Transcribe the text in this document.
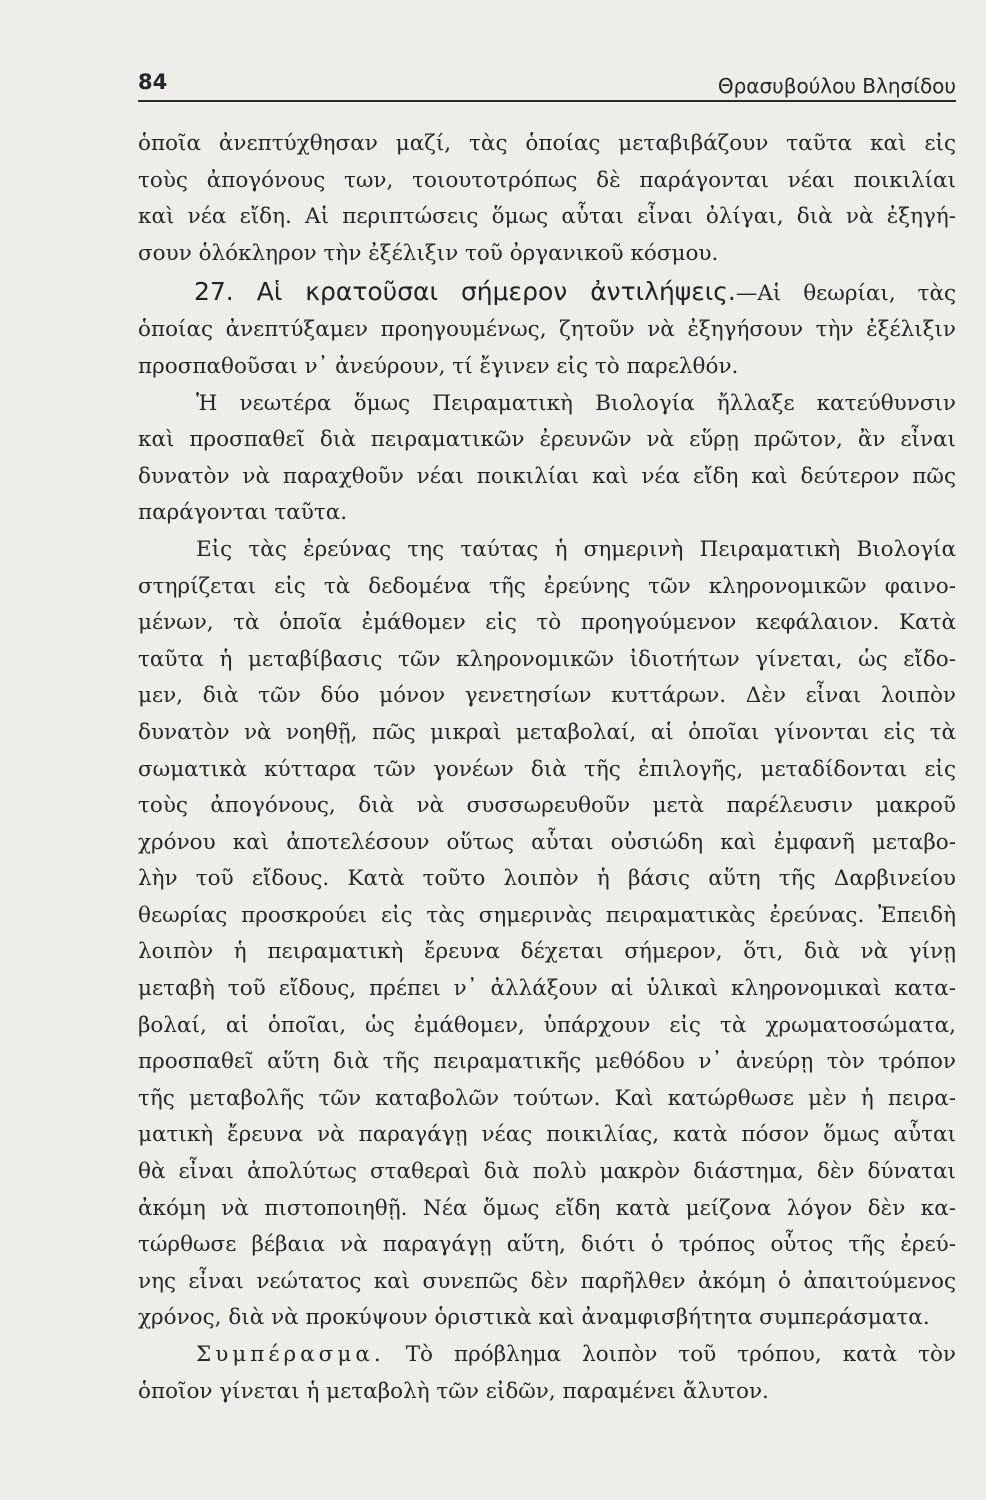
84	Θρασυβούλου Βλησίδου
ὁποῖα ἀνεπτύχθησαν μαζί, τὰς ὁποίας μεταβιβάζουν ταῦτα καὶ εἰς
τοὺς ἀπογόνους των, τοιουτοτρόπως δὲ παράγονται νέαι ποικιλίαι
καὶ νέα εἴδη. Αἱ περιπτώσεις ὅμως αὗται εἶναι ὀλίγαι, διὰ νὰ ἐξηγή-
σουν ὁλόκληρον τὴν ἐξέλιξιν τοῦ ὀργανικοῦ κόσμου.
27. Αἱ κρατοῦσαι σήμερον ἀντιλήψεις.—Αἱ θεωρίαι, τὰς
ὁποίας ἀνεπτύξαμεν προηγουμένως, ζητοῦν νὰ ἐξηγήσουν τὴν ἐξέλιξιν
προσπαθοῦσαι ν᾽ ἀνεύρουν, τί ἔγινεν εἰς τὸ παρελθόν.
Ἡ νεωτέρα ὅμως Πειραματικὴ Βιολογία ἤλλαξε κατεύθυνσιν
καὶ προσπαθεῖ διὰ πειραματικῶν ἐρευνῶν νὰ εὕρῃ πρῶτον, ἂν εἶναι
δυνατὸν νὰ παραχθοῦν νέαι ποικιλίαι καὶ νέα εἴδη καὶ δεύτερον πῶς
παράγονται ταῦτα.
Εἰς τὰς ἐρεύνας της ταύτας ἡ σημερινὴ Πειραματικὴ Βιολογία
στηρίζεται εἰς τὰ δεδομένα τῆς ἐρεύνης τῶν κληρονομικῶν φαινο-
μένων, τὰ ὁποῖα ἐμάθομεν εἰς τὸ προηγούμενον κεφάλαιον. Κατὰ
ταῦτα ἡ μεταβίβασις τῶν κληρονομικῶν ἰδιοτήτων γίνεται, ὡς εἴδο-
μεν, διὰ τῶν δύο μόνον γενετησίων κυττάρων. Δὲν εἶναι λοιπὸν
δυνατὸν νὰ νοηθῇ, πῶς μικραὶ μεταβολαί, αἱ ὁποῖαι γίνονται εἰς τὰ
σωματικὰ κύτταρα τῶν γονέων διὰ τῆς ἐπιλογῆς, μεταδίδονται εἰς
τοὺς ἀπογόνους, διὰ νὰ συσσωρευθοῦν μετὰ παρέλευσιν μακροῦ
χρόνου καὶ ἀποτελέσουν οὕτως αὗται οὐσιώδη καὶ ἐμφανῆ μεταβο-
λὴν τοῦ εἴδους. Κατὰ τοῦτο λοιπὸν ἡ βάσις αὕτη τῆς Δαρβινείου
θεωρίας προσκρούει εἰς τὰς σημερινὰς πειραματικὰς ἐρεύνας. Ἐπειδὴ
λοιπὸν ἡ πειραματικὴ ἔρευνα δέχεται σήμερον, ὅτι, διὰ νὰ γίνῃ
μεταβὴ τοῦ εἴδους, πρέπει ν᾽ ἀλλάξουν αἱ ὑλικαὶ κληρονομικαὶ κατα-
βολαί, αἱ ὁποῖαι, ὡς ἐμάθομεν, ὑπάρχουν εἰς τὰ χρωματοσώματα,
προσπαθεῖ αὕτη διὰ τῆς πειραματικῆς μεθόδου ν᾽ ἀνεύρῃ τὸν τρόπον
τῆς μεταβολῆς τῶν καταβολῶν τούτων. Καὶ κατώρθωσε μὲν ἡ πειρα-
ματικὴ ἔρευνα νὰ παραγάγῃ νέας ποικιλίας, κατὰ πόσον ὅμως αὗται
θὰ εἶναι ἀπολύτως σταθεραὶ διὰ πολὺ μακρὸν διάστημα, δὲν δύναται
ἀκόμη νὰ πιστοποιηθῇ. Νέα ὅμως εἴδη κατὰ μείζονα λόγον δὲν κα-
τώρθωσε βέβαια νὰ παραγάγῃ αὕτη, διότι ὁ τρόπος οὗτος τῆς ἐρεύ-
νης εἶναι νεώτατος καὶ συνεπῶς δὲν παρῆλθεν ἀκόμη ὁ ἀπαιτούμενος
χρόνος, διὰ νὰ προκύψουν ὁριστικὰ καὶ ἀναμφισβήτητα συμπεράσματα.
Συμπέρασμα. Τὸ πρόβλημα λοιπὸν τοῦ τρόπου, κατὰ τὸν
ὁποῖον γίνεται ἡ μεταβολὴ τῶν εἰδῶν, παραμένει ἄλυτον.
